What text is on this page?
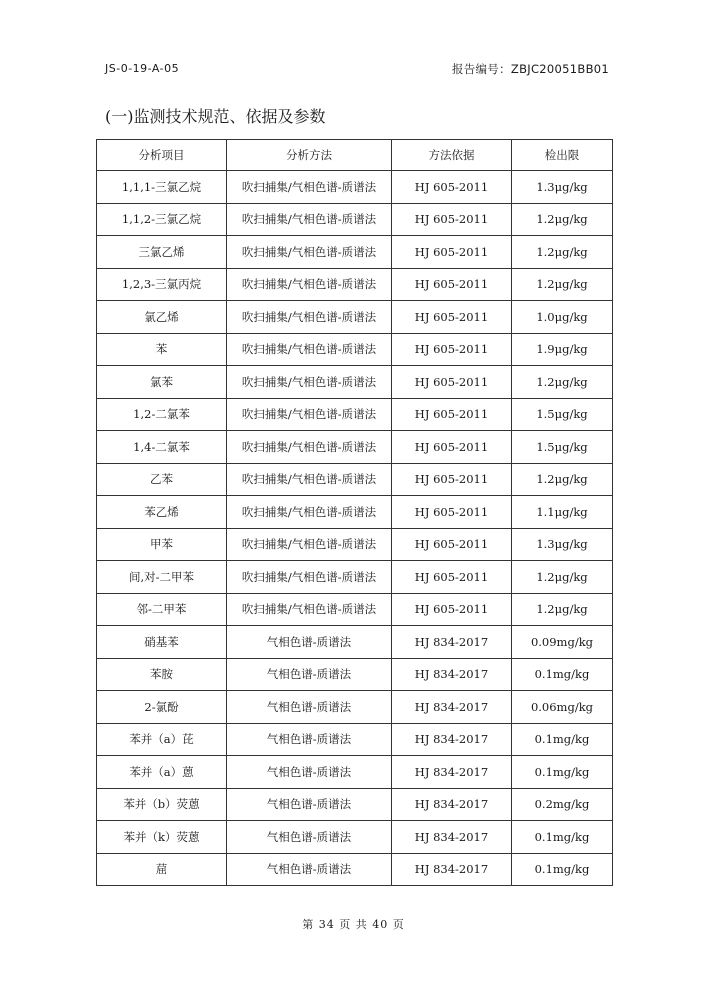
JS-0-19-A-05	报告编号：ZBJC20051BB01
(一)监测技术规范、依据及参数
分析项目	分析方法	方法依据	检出限
1,1,1-三氯乙烷	吹扫捕集/气相色谱-质谱法	HJ 605-2011	1.3μg/kg
1,1,2-三氯乙烷	吹扫捕集/气相色谱-质谱法	HJ 605-2011	1.2μg/kg
三氯乙烯	吹扫捕集/气相色谱-质谱法	HJ 605-2011	1.2μg/kg
1,2,3-三氯丙烷	吹扫捕集/气相色谱-质谱法	HJ 605-2011	1.2μg/kg
氯乙烯	吹扫捕集/气相色谱-质谱法	HJ 605-2011	1.0μg/kg
苯	吹扫捕集/气相色谱-质谱法	HJ 605-2011	1.9μg/kg
氯苯	吹扫捕集/气相色谱-质谱法	HJ 605-2011	1.2μg/kg
1,2-二氯苯	吹扫捕集/气相色谱-质谱法	HJ 605-2011	1.5μg/kg
1,4-二氯苯	吹扫捕集/气相色谱-质谱法	HJ 605-2011	1.5μg/kg
乙苯	吹扫捕集/气相色谱-质谱法	HJ 605-2011	1.2μg/kg
苯乙烯	吹扫捕集/气相色谱-质谱法	HJ 605-2011	1.1μg/kg
甲苯	吹扫捕集/气相色谱-质谱法	HJ 605-2011	1.3μg/kg
间,对-二甲苯	吹扫捕集/气相色谱-质谱法	HJ 605-2011	1.2μg/kg
邻-二甲苯	吹扫捕集/气相色谱-质谱法	HJ 605-2011	1.2μg/kg
硝基苯	气相色谱-质谱法	HJ 834-2017	0.09mg/kg
苯胺	气相色谱-质谱法	HJ 834-2017	0.1mg/kg
2-氯酚	气相色谱-质谱法	HJ 834-2017	0.06mg/kg
苯并（a）芘	气相色谱-质谱法	HJ 834-2017	0.1mg/kg
苯并（a）蒽	气相色谱-质谱法	HJ 834-2017	0.1mg/kg
苯并（b）荧蒽	气相色谱-质谱法	HJ 834-2017	0.2mg/kg
苯并（k）荧蒽	气相色谱-质谱法	HJ 834-2017	0.1mg/kg
䓛	气相色谱-质谱法	HJ 834-2017	0.1mg/kg
第 34 页 共 40 页
